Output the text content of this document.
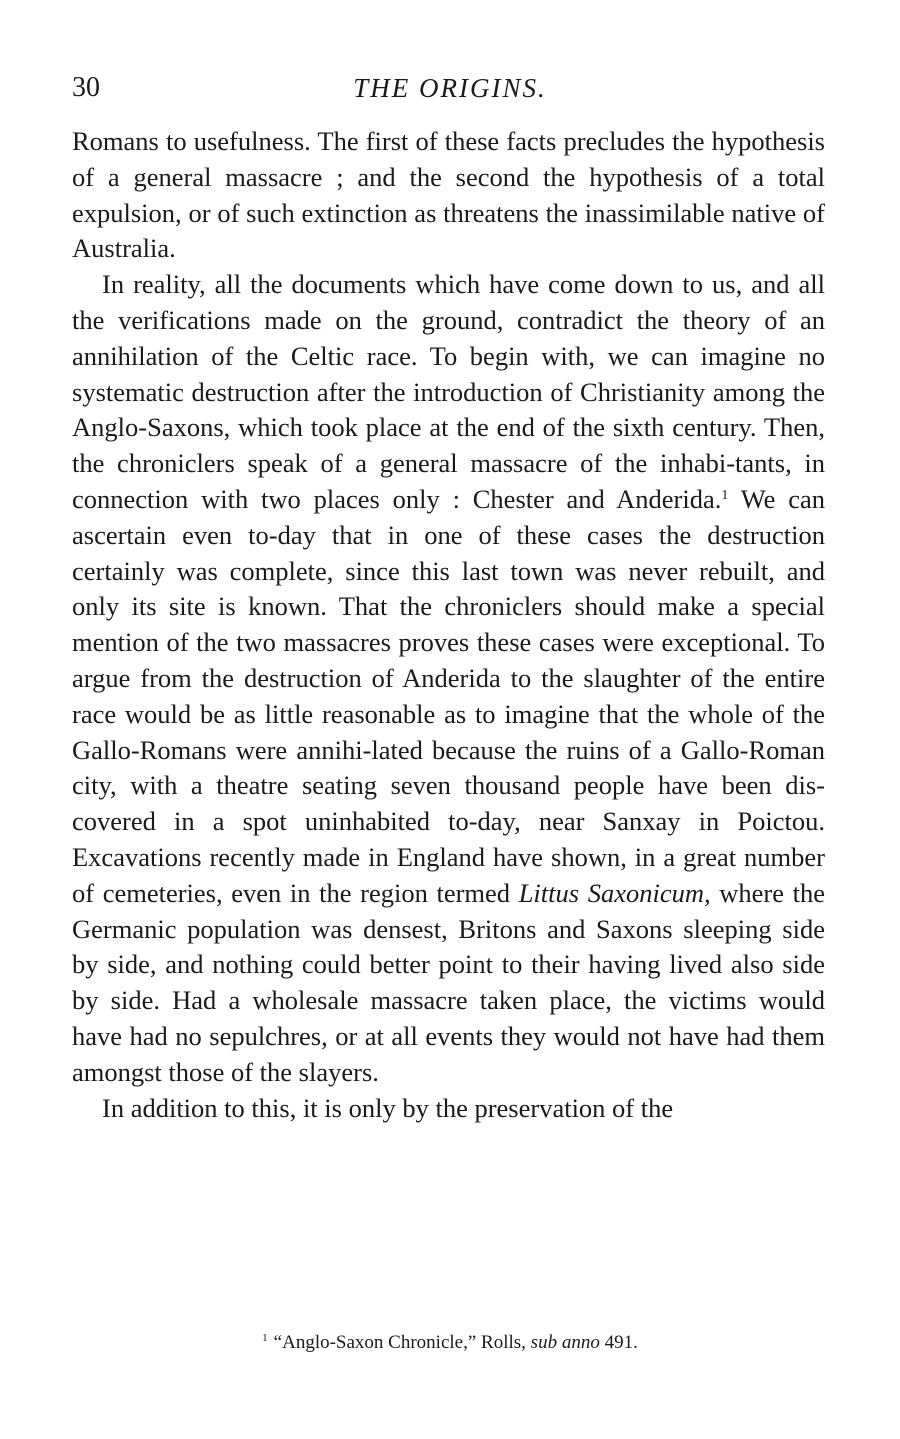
30	THE ORIGINS.

Romans to usefulness. The first of these facts precludes the hypothesis of a general massacre ; and the second the hypothesis of a total expulsion, or of such extinction as threatens the inassimilable native of Australia.

In reality, all the documents which have come down to us, and all the verifications made on the ground, contradict the theory of an annihilation of the Celtic race. To begin with, we can imagine no systematic destruction after the introduction of Christianity among the Anglo-Saxons, which took place at the end of the sixth century. Then, the chroniclers speak of a general massacre of the inhabi-tants, in connection with two places only : Chester and Anderida.$^1$ We can ascertain even to-day that in one of these cases the destruction certainly was complete, since this last town was never rebuilt, and only its site is known. That the chroniclers should make a special mention of the two massacres proves these cases were exceptional. To argue from the destruction of Anderida to the slaughter of the entire race would be as little reasonable as to imagine that the whole of the Gallo-Romans were annihi-lated because the ruins of a Gallo-Roman city, with a theatre seating seven thousand people have been dis-covered in a spot uninhabited to-day, near Sanxay in Poictou. Excavations recently made in England have shown, in a great number of cemeteries, even in the region termed Littus Saxonicum, where the Germanic population was densest, Britons and Saxons sleeping side by side, and nothing could better point to their having lived also side by side. Had a wholesale massacre taken place, the victims would have had no sepulchres, or at all events they would not have had them amongst those of the slayers.

In addition to this, it is only by the preservation of the

$^1$ “Anglo-Saxon Chronicle,” Rolls, sub anno 491.
